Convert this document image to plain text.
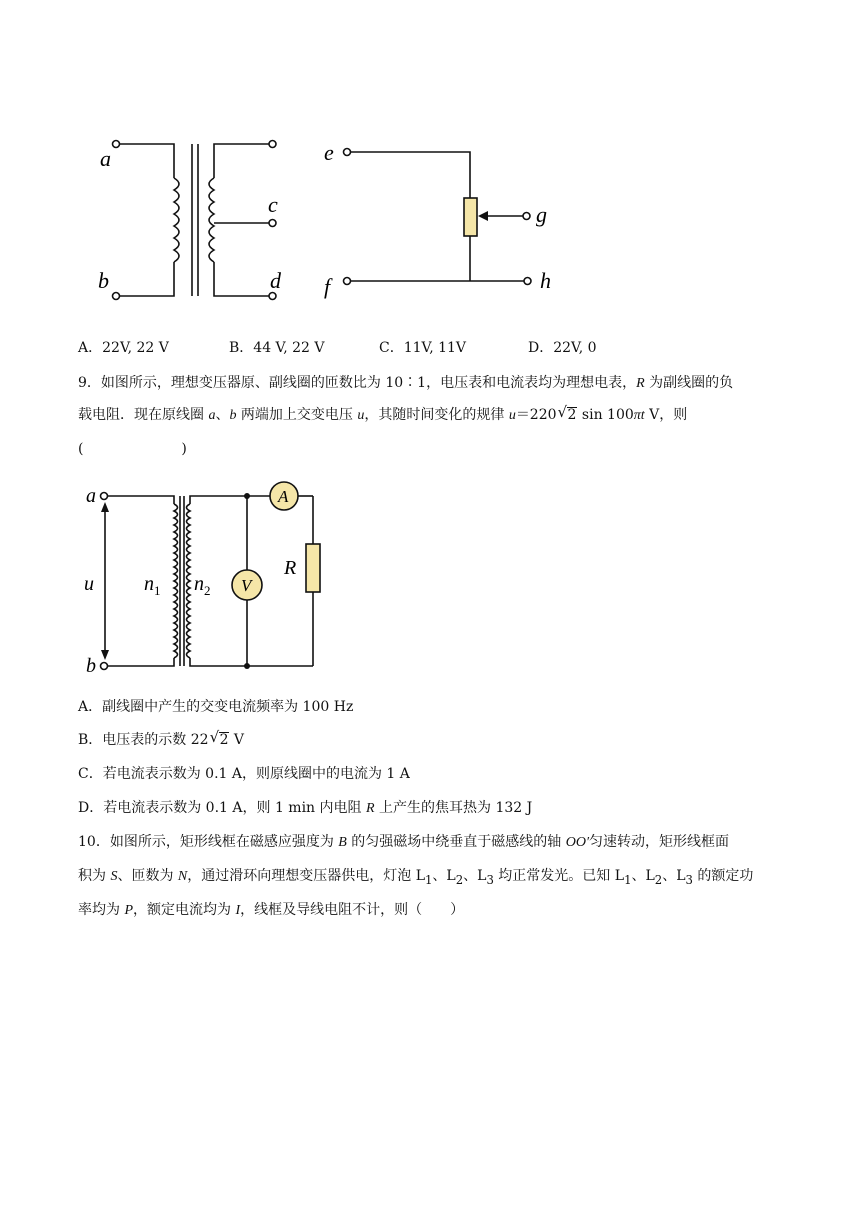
a
b
c
d
e
f
g
h
A．22V, 22 V	B．44 V, 22 V	C．11V, 11V	D．22V, 0
9．如图所示，理想变压器原、副线圈的匝数比为 10∶1，电压表和电流表均为理想电表，R 为副线圈的负
载电阻．现在原线圈 a、b 两端加上交变电压 u，其随时间变化的规律 u＝220 √ 2 sin 100πt V，则
(                      )
a
b
u	$n_1$ $n_2$
A
V
R
A．副线圈中产生的交变电流频率为 100 Hz
B．电压表的示数 22 √ 2 V
C．若电流表示数为 0.1 A，则原线圈中的电流为 1 A
D．若电流表示数为 0.1 A，则 1 min 内电阻 R 上产生的焦耳热为 132 J
10．如图所示，矩形线框在磁感应强度为 B 的匀强磁场中绕垂直于磁感线的轴 OO′匀速转动，矩形线框面
积为 S、匝数为 N，通过滑环向理想变压器供电，灯泡 $L_1$、$L_2$、$L_3$ 均正常发光。已知 $L_1$、$L_2$、$L_3$ 的额定功
率均为 P，额定电流均为 I，线框及导线电阻不计，则（　　）
